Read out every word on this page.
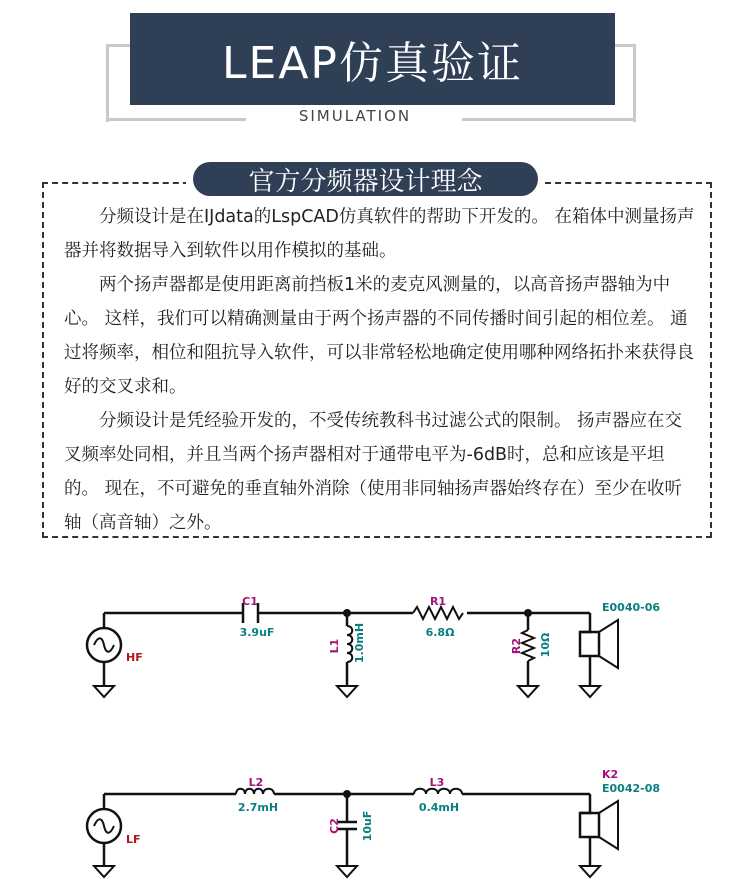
LEAP仿真验证
SIMULATION
官方分频器设计理念

分频设计是在IJdata的LspCAD仿真软件的帮助下开发的。 在箱体中测量扬声器并将数据导入到软件以用作模拟的基础。

两个扬声器都是使用距离前挡板1米的麦克风测量的，以高音扬声器轴为中心。 这样，我们可以精确测量由于两个扬声器的不同传播时间引起的相位差。 通过将频率，相位和阻抗导入软件，可以非常轻松地确定使用哪种网络拓扑来获得良好的交叉求和。

分频设计是凭经验开发的，不受传统教科书过滤公式的限制。 扬声器应在交叉频率处同相，并且当两个扬声器相对于通带电平为-6dB时，总和应该是平坦的。 现在，不可避免的垂直轴外消除（使用非同轴扬声器始终存在）至少在收听轴（高音轴）之外。

HF
C1
3.9uF
L1 1.0mH
R1
6.8Ω
R2 10Ω
E0040-06
LF
L2
2.7mH
C2 10uF
L3
0.4mH
K2
E0042-08
